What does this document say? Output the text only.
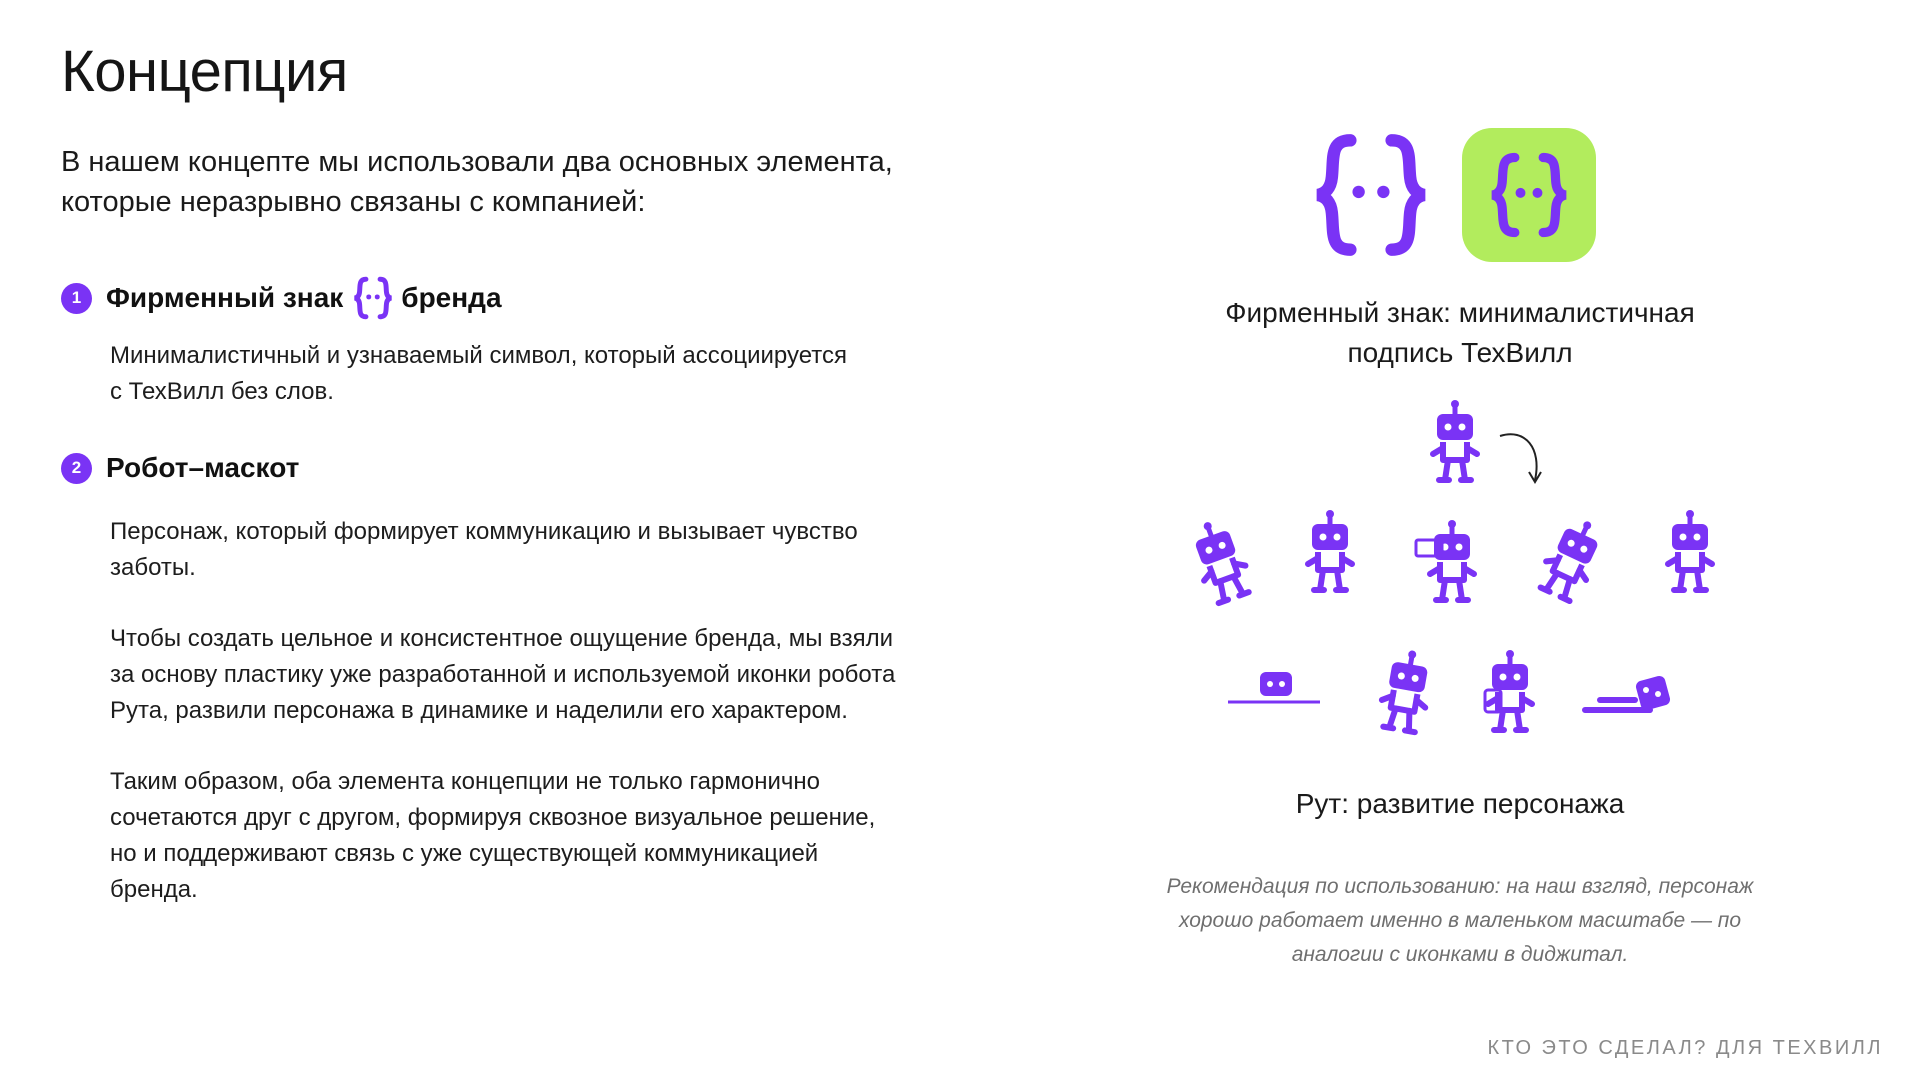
Концепция
В нашем концепте мы использовали два основных элемента,
которые неразрывно связаны с компанией:
1 Фирменный знак бренда

Минималистичный и узнаваемый символ, который ассоциируется
с ТехВилл без слов.

2 Робот–маскот

Персонаж, который формирует коммуникацию и вызывает чувство
заботы.

Чтобы создать цельное и консистентное ощущение бренда, мы взяли
за основу пластику уже разработанной и используемой иконки робота
Рута, развили персонажа в динамике и наделили его характером.

Таким образом, оба элемента концепции не только гармонично
сочетаются друг с другом, формируя сквозное визуальное решение,
но и поддерживают связь с уже существующей коммуникацией
бренда.

Фирменный знак: минималистичная
подпись ТехВилл
Рут: развитие персонажа
Рекомендация по использованию: на наш взгляд, персонаж
хорошо работает именно в маленьком масштабе — по
аналогии с иконками в диджитал.
КТО ЭТО СДЕЛАЛ? ДЛЯ ТЕХВИЛЛ
